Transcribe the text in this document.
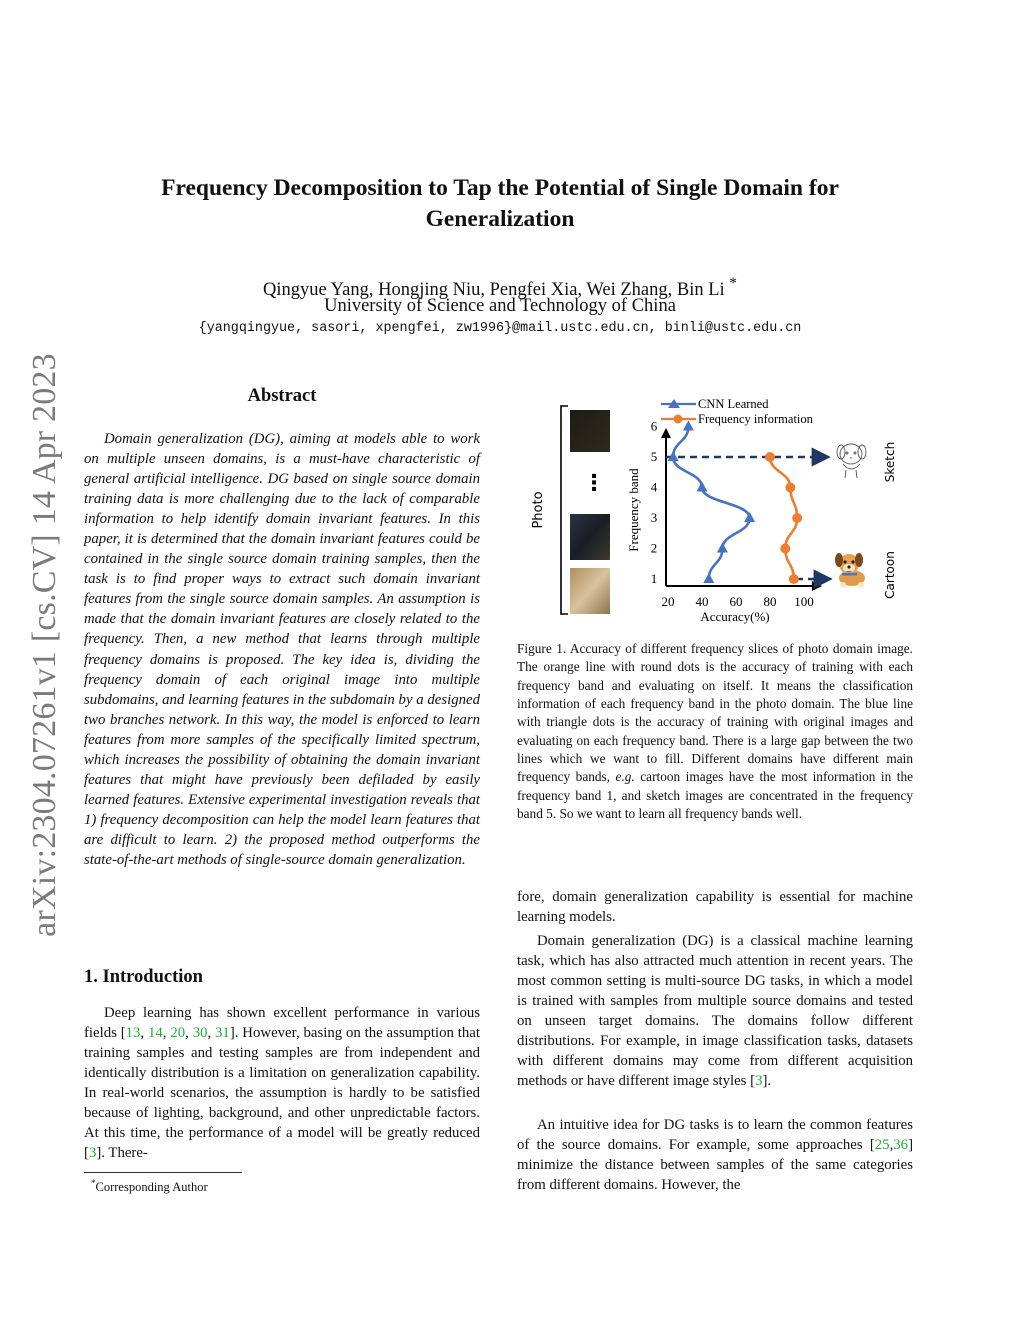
arXiv:2304.07261v1 [cs.CV] 14 Apr 2023
Frequency Decomposition to Tap the Potential of Single Domain for Generalization
Qingyue Yang, Hongjing Niu, Pengfei Xia, Wei Zhang, Bin Li *
University of Science and Technology of China
{yangqingyue, sasori, xpengfei, zw1996}@mail.ustc.edu.cn, binli@ustc.edu.cn
Abstract

Domain generalization (DG), aiming at models able to work on multiple unseen domains, is a must-have characteristic of general artificial intelligence. DG based on single source domain training data is more challenging due to the lack of comparable information to help identify domain invariant features. In this paper, it is determined that the domain invariant features could be contained in the single source domain training samples, then the task is to find proper ways to extract such domain invariant features from the single source domain samples. An assumption is made that the domain invariant features are closely related to the frequency. Then, a new method that learns through multiple frequency domains is proposed. The key idea is, dividing the frequency domain of each original image into multiple subdomains, and learning features in the subdomain by a designed two branches network. In this way, the model is enforced to learn features from more samples of the specifically limited spectrum, which increases the possibility of obtaining the domain invariant features that might have previously been defiladed by easily learned features. Extensive experimental investigation reveals that 1) frequency decomposition can help the model learn features that are difficult to learn. 2) the proposed method outperforms the state-of-the-art methods of single-source domain generalization.

1. Introduction

Deep learning has shown excellent performance in various fields [13, 14, 20, 30, 31]. However, basing on the assumption that training samples and testing samples are from independent and identically distribution is a limitation on generalization capability. In real-world scenarios, the assumption is hardly to be satisfied because of lighting, background, and other unpredictable factors. At this time, the performance of a model will be greatly reduced [3]. There-

*Corresponding Author
Photo
⋮
CNN Learned
Frequency information
1
2
3
4
5
6
20 40 60 80 100
Frequency band
Accuracy(%)
Sketch
Cartoon

Figure 1. Accuracy of different frequency slices of photo domain image. The orange line with round dots is the accuracy of training with each frequency band and evaluating on itself. It means the classification information of each frequency band in the photo domain. The blue line with triangle dots is the accuracy of training with original images and evaluating on each frequency band. There is a large gap between the two lines which we want to fill. Different domains have different main frequency bands, e.g. cartoon images have the most information in the frequency band 1, and sketch images are concentrated in the frequency band 5. So we want to learn all frequency bands well.

fore, domain generalization capability is essential for machine learning models.

Domain generalization (DG) is a classical machine learning task, which has also attracted much attention in recent years. The most common setting is multi-source DG tasks, in which a model is trained with samples from multiple source domains and tested on unseen target domains. The domains follow different distributions. For example, in image classification tasks, datasets with different domains may come from different acquisition methods or have different image styles [3].

An intuitive idea for DG tasks is to learn the common features of the source domains. For example, some approaches [25,36] minimize the distance between samples of the same categories from different domains. However, the
